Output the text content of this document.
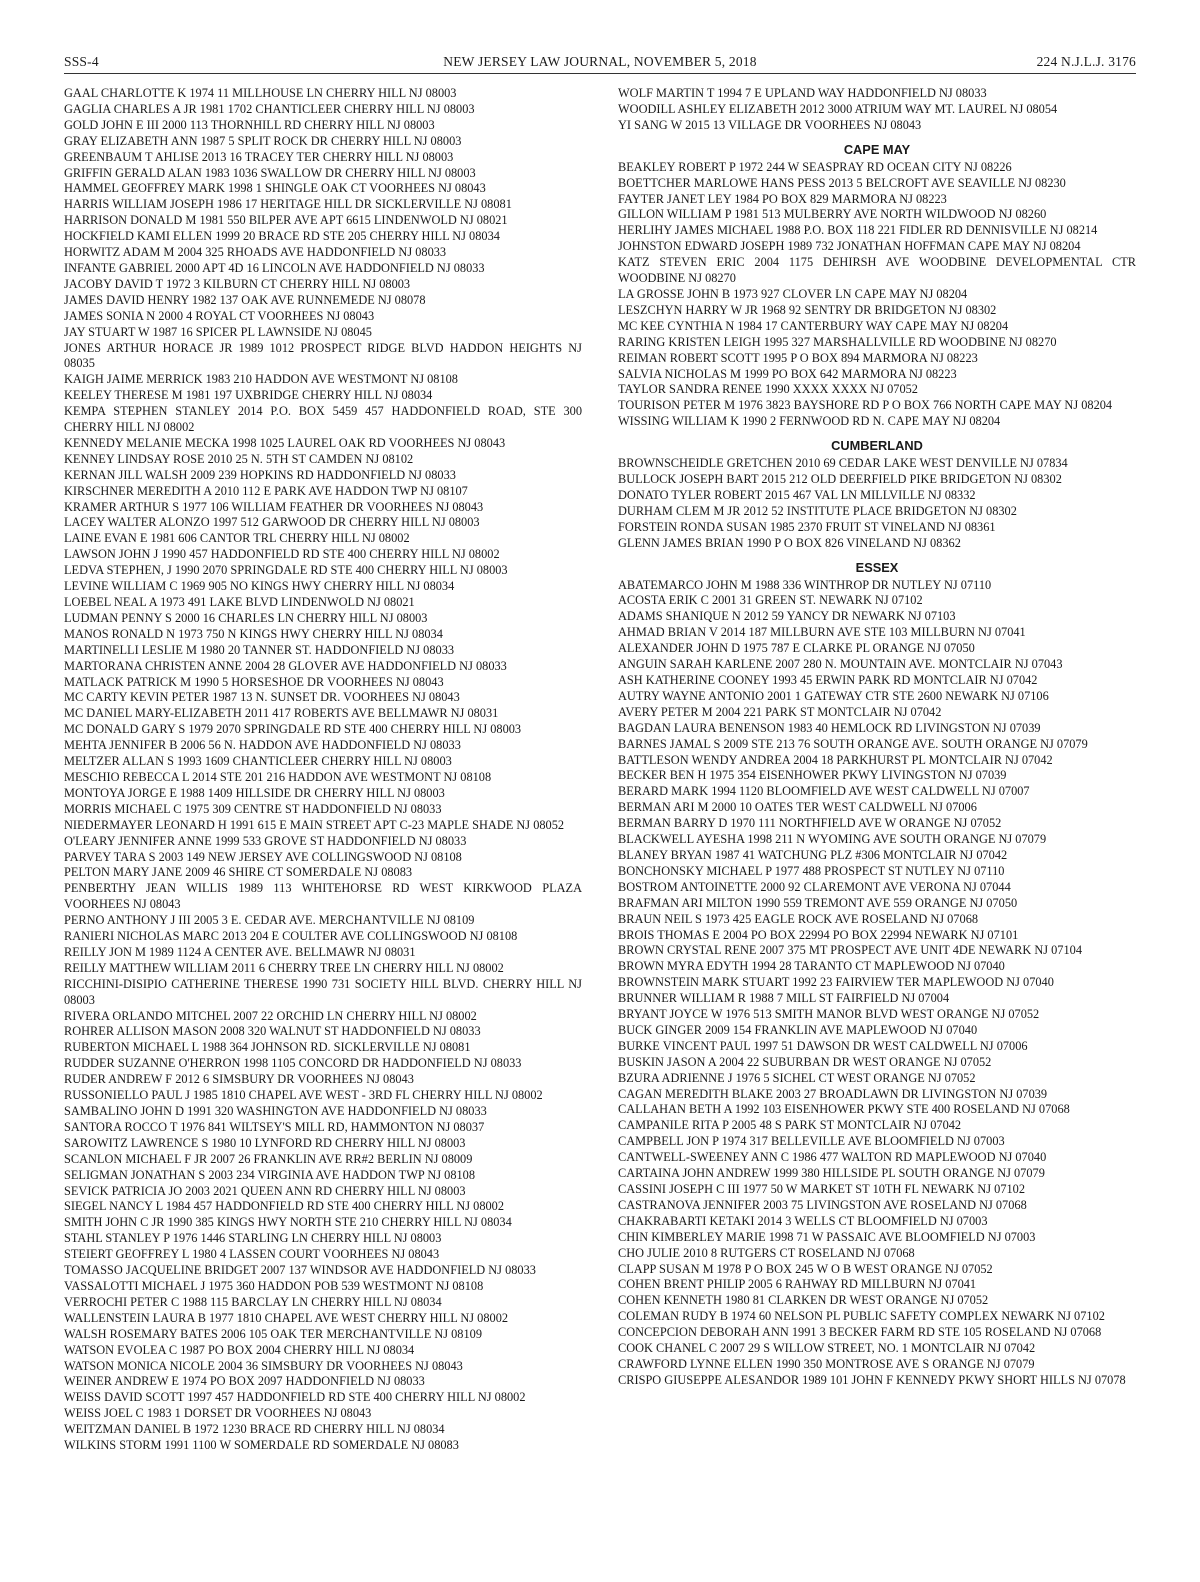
SSS-4	224 N.J.L.J. 3176
NEW JERSEY LAW JOURNAL, NOVEMBER 5, 2018
GAAL CHARLOTTE K 1974 11 MILLHOUSE LN CHERRY HILL NJ 08003
GAGLIA CHARLES A JR 1981 1702 CHANTICLEER CHERRY HILL NJ 08003
GOLD JOHN E III 2000 113 THORNHILL RD CHERRY HILL NJ 08003
GRAY ELIZABETH ANN 1987 5 SPLIT ROCK DR CHERRY HILL NJ 08003
GREENBAUM T AHLISE 2013 16 TRACEY TER CHERRY HILL NJ 08003
GRIFFIN GERALD ALAN 1983 1036 SWALLOW DR CHERRY HILL NJ 08003
HAMMEL GEOFFREY MARK 1998 1 SHINGLE OAK CT VOORHEES NJ 08043
HARRIS WILLIAM JOSEPH 1986 17 HERITAGE HILL DR SICKLERVILLE NJ 08081
HARRISON DONALD M 1981 550 BILPER AVE APT 6615 LINDENWOLD NJ 08021
HOCKFIELD KAMI ELLEN 1999 20 BRACE RD STE 205 CHERRY HILL NJ 08034
HORWITZ ADAM M 2004 325 RHOADS AVE HADDONFIELD NJ 08033
INFANTE GABRIEL 2000 APT 4D 16 LINCOLN AVE HADDONFIELD NJ 08033
JACOBY DAVID T 1972 3 KILBURN CT CHERRY HILL NJ 08003
JAMES DAVID HENRY 1982 137 OAK AVE RUNNEMEDE NJ 08078
JAMES SONIA N 2000 4 ROYAL CT VOORHEES NJ 08043
JAY STUART W 1987 16 SPICER PL LAWNSIDE NJ 08045
JONES ARTHUR HORACE JR 1989 1012 PROSPECT RIDGE BLVD HADDON HEIGHTS NJ 08035
KAIGH JAIME MERRICK 1983 210 HADDON AVE WESTMONT NJ 08108
KEELEY THERESE M 1981 197 UXBRIDGE CHERRY HILL NJ 08034
KEMPA STEPHEN STANLEY 2014 P.O. BOX 5459 457 HADDONFIELD ROAD, STE 300 CHERRY HILL NJ 08002
KENNEDY MELANIE MECKA 1998 1025 LAUREL OAK RD VOORHEES NJ 08043
KENNEY LINDSAY ROSE 2010 25 N. 5TH ST CAMDEN NJ 08102
KERNAN JILL WALSH 2009 239 HOPKINS RD HADDONFIELD NJ 08033
KIRSCHNER MEREDITH A 2010 112 E PARK AVE HADDON TWP NJ 08107
KRAMER ARTHUR S 1977 106 WILLIAM FEATHER DR VOORHEES NJ 08043
LACEY WALTER ALONZO 1997 512 GARWOOD DR CHERRY HILL NJ 08003
LAINE EVAN E 1981 606 CANTOR TRL CHERRY HILL NJ 08002
LAWSON JOHN J 1990 457 HADDONFIELD RD STE 400 CHERRY HILL NJ 08002
LEDVA STEPHEN, J 1990 2070 SPRINGDALE RD STE 400 CHERRY HILL NJ 08003
LEVINE WILLIAM C 1969 905 NO KINGS HWY CHERRY HILL NJ 08034
LOEBEL NEAL A 1973 491 LAKE BLVD LINDENWOLD NJ 08021
LUDMAN PENNY S 2000 16 CHARLES LN CHERRY HILL NJ 08003
MANOS RONALD N 1973 750 N KINGS HWY CHERRY HILL NJ 08034
MARTINELLI LESLIE M 1980 20 TANNER ST. HADDONFIELD NJ 08033
MARTORANA CHRISTEN ANNE 2004 28 GLOVER AVE HADDONFIELD NJ 08033
MATLACK PATRICK M 1990 5 HORSESHOE DR VOORHEES NJ 08043
MC CARTY KEVIN PETER 1987 13 N. SUNSET DR. VOORHEES NJ 08043
MC DANIEL MARY-ELIZABETH 2011 417 ROBERTS AVE BELLMAWR NJ 08031
MC DONALD GARY S 1979 2070 SPRINGDALE RD STE 400 CHERRY HILL NJ 08003
MEHTA JENNIFER B 2006 56 N. HADDON AVE HADDONFIELD NJ 08033
MELTZER ALLAN S 1993 1609 CHANTICLEER CHERRY HILL NJ 08003
MESCHIO REBECCA L 2014 STE 201 216 HADDON AVE WESTMONT NJ 08108
MONTOYA JORGE E 1988 1409 HILLSIDE DR CHERRY HILL NJ 08003
MORRIS MICHAEL C 1975 309 CENTRE ST HADDONFIELD NJ 08033
NIEDERMAYER LEONARD H 1991 615 E MAIN STREET APT C-23 MAPLE SHADE NJ 08052
O'LEARY JENNIFER ANNE 1999 533 GROVE ST HADDONFIELD NJ 08033
PARVEY TARA S 2003 149 NEW JERSEY AVE COLLINGSWOOD NJ 08108
PELTON MARY JANE 2009 46 SHIRE CT SOMERDALE NJ 08083
PENBERTHY JEAN WILLIS 1989 113 WHITEHORSE RD WEST KIRKWOOD PLAZA VOORHEES NJ 08043
PERNO ANTHONY J III 2005 3 E. CEDAR AVE. MERCHANTVILLE NJ 08109
RANIERI NICHOLAS MARC 2013 204 E COULTER AVE COLLINGSWOOD NJ 08108
REILLY JON M 1989 1124 A CENTER AVE. BELLMAWR NJ 08031
REILLY MATTHEW WILLIAM 2011 6 CHERRY TREE LN CHERRY HILL NJ 08002
RICCHINI-DISIPIO CATHERINE THERESE 1990 731 SOCIETY HILL BLVD. CHERRY HILL NJ 08003
RIVERA ORLANDO MITCHEL 2007 22 ORCHID LN CHERRY HILL NJ 08002
ROHRER ALLISON MASON 2008 320 WALNUT ST HADDONFIELD NJ 08033
RUBERTON MICHAEL L 1988 364 JOHNSON RD. SICKLERVILLE NJ 08081
RUDDER SUZANNE O'HERRON 1998 1105 CONCORD DR HADDONFIELD NJ 08033
RUDER ANDREW F 2012 6 SIMSBURY DR VOORHEES NJ 08043
RUSSONIELLO PAUL J 1985 1810 CHAPEL AVE WEST - 3RD FL CHERRY HILL NJ 08002
SAMBALINO JOHN D 1991 320 WASHINGTON AVE HADDONFIELD NJ 08033
SANTORA ROCCO T 1976 841 WILTSEY'S MILL RD, HAMMONTON NJ 08037
SAROWITZ LAWRENCE S 1980 10 LYNFORD RD CHERRY HILL NJ 08003
SCANLON MICHAEL F JR 2007 26 FRANKLIN AVE RR#2 BERLIN NJ 08009
SELIGMAN JONATHAN S 2003 234 VIRGINIA AVE HADDON TWP NJ 08108
SEVICK PATRICIA JO 2003 2021 QUEEN ANN RD CHERRY HILL NJ 08003
SIEGEL NANCY L 1984 457 HADDONFIELD RD STE 400 CHERRY HILL NJ 08002
SMITH JOHN C JR 1990 385 KINGS HWY NORTH STE 210 CHERRY HILL NJ 08034
STAHL STANLEY P 1976 1446 STARLING LN CHERRY HILL NJ 08003
STEIERT GEOFFREY L 1980 4 LASSEN COURT VOORHEES NJ 08043
TOMASSO JACQUELINE BRIDGET 2007 137 WINDSOR AVE HADDONFIELD NJ 08033
VASSALOTTI MICHAEL J 1975 360 HADDON POB 539 WESTMONT NJ 08108
VERROCHI PETER C 1988 115 BARCLAY LN CHERRY HILL NJ 08034
WALLENSTEIN LAURA B 1977 1810 CHAPEL AVE WEST CHERRY HILL NJ 08002
WALSH ROSEMARY BATES 2006 105 OAK TER MERCHANTVILLE NJ 08109
WATSON EVOLEA C 1987 PO BOX 2004 CHERRY HILL NJ 08034
WATSON MONICA NICOLE 2004 36 SIMSBURY DR VOORHEES NJ 08043
WEINER ANDREW E 1974 PO BOX 2097 HADDONFIELD NJ 08033
WEISS DAVID SCOTT 1997 457 HADDONFIELD RD STE 400 CHERRY HILL NJ 08002
WEISS JOEL C 1983 1 DORSET DR VOORHEES NJ 08043
WEITZMAN DANIEL B 1972 1230 BRACE RD CHERRY HILL NJ 08034
WILKINS STORM 1991 1100 W SOMERDALE RD SOMERDALE NJ 08083
WOLF MARTIN T 1994 7 E UPLAND WAY HADDONFIELD NJ 08033
WOODILL ASHLEY ELIZABETH 2012 3000 ATRIUM WAY MT. LAUREL NJ 08054
YI SANG W 2015 13 VILLAGE DR VOORHEES NJ 08043
CAPE MAY
BEAKLEY ROBERT P 1972 244 W SEASPRAY RD OCEAN CITY NJ 08226
BOETTCHER MARLOWE HANS PESS 2013 5 BELCROFT AVE SEAVILLE NJ 08230
FAYTER JANET LEY 1984 PO BOX 829 MARMORA NJ 08223
GILLON WILLIAM P 1981 513 MULBERRY AVE NORTH WILDWOOD NJ 08260
HERLIHY JAMES MICHAEL 1988 P.O. BOX 118 221 FIDLER RD DENNISVILLE NJ 08214
JOHNSTON EDWARD JOSEPH 1989 732 JONATHAN HOFFMAN CAPE MAY NJ 08204
KATZ STEVEN ERIC 2004 1175 DEHIRSH AVE WOODBINE DEVELOPMENTAL CTR WOODBINE NJ 08270
LA GROSSE JOHN B 1973 927 CLOVER LN CAPE MAY NJ 08204
LESZCHYN HARRY W JR 1968 92 SENTRY DR BRIDGETON NJ 08302
MC KEE CYNTHIA N 1984 17 CANTERBURY WAY CAPE MAY NJ 08204
RARING KRISTEN LEIGH 1995 327 MARSHALLVILLE RD WOODBINE NJ 08270
REIMAN ROBERT SCOTT 1995 P O BOX 894 MARMORA NJ 08223
SALVIA NICHOLAS M 1999 PO BOX 642 MARMORA NJ 08223
TAYLOR SANDRA RENEE 1990 XXXX XXXX NJ 07052
TOURISON PETER M 1976 3823 BAYSHORE RD P O BOX 766 NORTH CAPE MAY NJ 08204
WISSING WILLIAM K 1990 2 FERNWOOD RD N. CAPE MAY NJ 08204
CUMBERLAND
BROWNSCHEIDLE GRETCHEN 2010 69 CEDAR LAKE WEST DENVILLE NJ 07834
BULLOCK JOSEPH BART 2015 212 OLD DEERFIELD PIKE BRIDGETON NJ 08302
DONATO TYLER ROBERT 2015 467 VAL LN MILLVILLE NJ 08332
DURHAM CLEM M JR 2012 52 INSTITUTE PLACE BRIDGETON NJ 08302
FORSTEIN RONDA SUSAN 1985 2370 FRUIT ST VINELAND NJ 08361
GLENN JAMES BRIAN 1990 P O BOX 826 VINELAND NJ 08362
ESSEX
ABATEMARCO JOHN M 1988 336 WINTHROP DR NUTLEY NJ 07110
ACOSTA ERIK C 2001 31 GREEN ST. NEWARK NJ 07102
ADAMS SHANIQUE N 2012 59 YANCY DR NEWARK NJ 07103
AHMAD BRIAN V 2014 187 MILLBURN AVE STE 103 MILLBURN NJ 07041
ALEXANDER JOHN D 1975 787 E CLARKE PL ORANGE NJ 07050
ANGUIN SARAH KARLENE 2007 280 N. MOUNTAIN AVE. MONTCLAIR NJ 07043
ASH KATHERINE COONEY 1993 45 ERWIN PARK RD MONTCLAIR NJ 07042
AUTRY WAYNE ANTONIO 2001 1 GATEWAY CTR STE 2600 NEWARK NJ 07106
AVERY PETER M 2004 221 PARK ST MONTCLAIR NJ 07042
BAGDAN LAURA BENENSON 1983 40 HEMLOCK RD LIVINGSTON NJ 07039
BARNES JAMAL S 2009 STE 213 76 SOUTH ORANGE AVE. SOUTH ORANGE NJ 07079
BATTLESON WENDY ANDREA 2004 18 PARKHURST PL MONTCLAIR NJ 07042
BECKER BEN H 1975 354 EISENHOWER PKWY LIVINGSTON NJ 07039
BERARD MARK 1994 1120 BLOOMFIELD AVE WEST CALDWELL NJ 07007
BERMAN ARI M 2000 10 OATES TER WEST CALDWELL NJ 07006
BERMAN BARRY D 1970 111 NORTHFIELD AVE W ORANGE NJ 07052
BLACKWELL AYESHA 1998 211 N WYOMING AVE SOUTH ORANGE NJ 07079
BLANEY BRYAN 1987 41 WATCHUNG PLZ #306 MONTCLAIR NJ 07042
BONCHONSKY MICHAEL P 1977 488 PROSPECT ST NUTLEY NJ 07110
BOSTROM ANTOINETTE 2000 92 CLAREMONT AVE VERONA NJ 07044
BRAFMAN ARI MILTON 1990 559 TREMONT AVE 559 ORANGE NJ 07050
BRAUN NEIL S 1973 425 EAGLE ROCK AVE ROSELAND NJ 07068
BROIS THOMAS E 2004 PO BOX 22994 PO BOX 22994 NEWARK NJ 07101
BROWN CRYSTAL RENE 2007 375 MT PROSPECT AVE UNIT 4DE NEWARK NJ 07104
BROWN MYRA EDYTH 1994 28 TARANTO CT MAPLEWOOD NJ 07040
BROWNSTEIN MARK STUART 1992 23 FAIRVIEW TER MAPLEWOOD NJ 07040
BRUNNER WILLIAM R 1988 7 MILL ST FAIRFIELD NJ 07004
BRYANT JOYCE W 1976 513 SMITH MANOR BLVD WEST ORANGE NJ 07052
BUCK GINGER 2009 154 FRANKLIN AVE MAPLEWOOD NJ 07040
BURKE VINCENT PAUL 1997 51 DAWSON DR WEST CALDWELL NJ 07006
BUSKIN JASON A 2004 22 SUBURBAN DR WEST ORANGE NJ 07052
BZURA ADRIENNE J 1976 5 SICHEL CT WEST ORANGE NJ 07052
CAGAN MEREDITH BLAKE 2003 27 BROADLAWN DR LIVINGSTON NJ 07039
CALLAHAN BETH A 1992 103 EISENHOWER PKWY STE 400 ROSELAND NJ 07068
CAMPANILE RITA P 2005 48 S PARK ST MONTCLAIR NJ 07042
CAMPBELL JON P 1974 317 BELLEVILLE AVE BLOOMFIELD NJ 07003
CANTWELL-SWEENEY ANN C 1986 477 WALTON RD MAPLEWOOD NJ 07040
CARTAINA JOHN ANDREW 1999 380 HILLSIDE PL SOUTH ORANGE NJ 07079
CASSINI JOSEPH C III 1977 50 W MARKET ST 10TH FL NEWARK NJ 07102
CASTRANOVA JENNIFER 2003 75 LIVINGSTON AVE ROSELAND NJ 07068
CHAKRABARTI KETAKI 2014 3 WELLS CT BLOOMFIELD NJ 07003
CHIN KIMBERLEY MARIE 1998 71 W PASSAIC AVE BLOOMFIELD NJ 07003
CHO JULIE 2010 8 RUTGERS CT ROSELAND NJ 07068
CLAPP SUSAN M 1978 P O BOX 245 W O B WEST ORANGE NJ 07052
COHEN BRENT PHILIP 2005 6 RAHWAY RD MILLBURN NJ 07041
COHEN KENNETH 1980 81 CLARKEN DR WEST ORANGE NJ 07052
COLEMAN RUDY B 1974 60 NELSON PL PUBLIC SAFETY COMPLEX NEWARK NJ 07102
CONCEPCION DEBORAH ANN 1991 3 BECKER FARM RD STE 105 ROSELAND NJ 07068
COOK CHANEL C 2007 29 S WILLOW STREET, NO. 1 MONTCLAIR NJ 07042
CRAWFORD LYNNE ELLEN 1990 350 MONTROSE AVE S ORANGE NJ 07079
CRISPO GIUSEPPE ALESANDOR 1989 101 JOHN F KENNEDY PKWY SHORT HILLS NJ 07078
